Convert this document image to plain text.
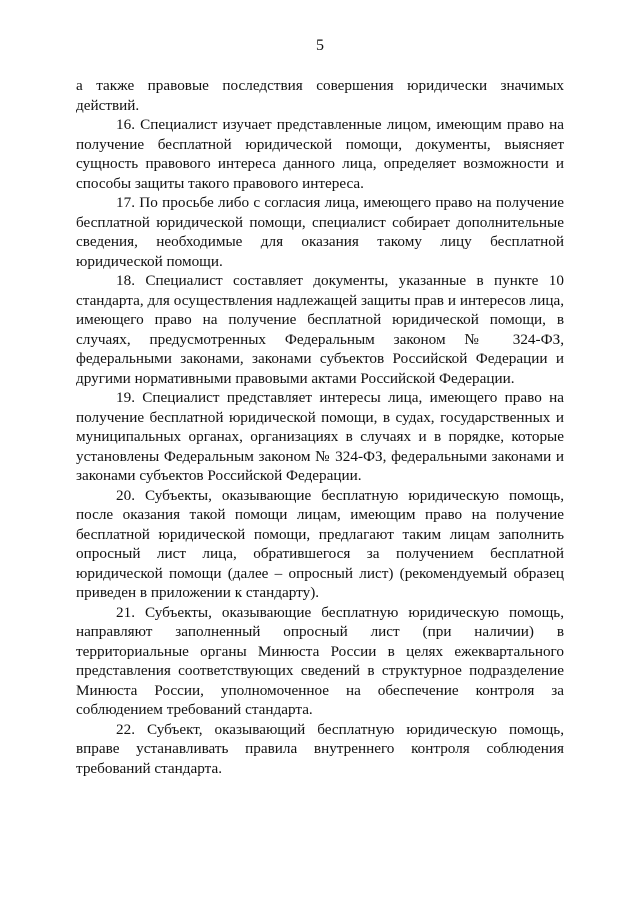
5

а также правовые последствия совершения юридически значимых действий.

16. Специалист изучает представленные лицом, имеющим право на получение бесплатной юридической помощи, документы, выясняет сущность правового интереса данного лица, определяет возможности и способы защиты такого правового интереса.

17. По просьбе либо с согласия лица, имеющего право на получение бесплатной юридической помощи, специалист собирает дополнительные сведения, необходимые для оказания такому лицу бесплатной юридической помощи.

18. Специалист составляет документы, указанные в пункте 10 стандарта, для осуществления надлежащей защиты прав и интересов лица, имеющего право на получение бесплатной юридической помощи, в случаях, предусмотренных Федеральным законом № 324-ФЗ, федеральными законами, законами субъектов Российской Федерации и другими нормативными правовыми актами Российской Федерации.

19. Специалист представляет интересы лица, имеющего право на получение бесплатной юридической помощи, в судах, государственных и муниципальных органах, организациях в случаях и в порядке, которые установлены Федеральным законом № 324-ФЗ, федеральными законами и законами субъектов Российской Федерации.

20. Субъекты, оказывающие бесплатную юридическую помощь, после оказания такой помощи лицам, имеющим право на получение бесплатной юридической помощи, предлагают таким лицам заполнить опросный лист лица, обратившегося за получением бесплатной юридической помощи (далее – опросный лист) (рекомендуемый образец приведен в приложении к стандарту).

21. Субъекты, оказывающие бесплатную юридическую помощь, направляют заполненный опросный лист (при наличии) в территориальные органы Минюста России в целях ежеквартального представления соответствующих сведений в структурное подразделение Минюста России, уполномоченное на обеспечение контроля за соблюдением требований стандарта.

22. Субъект, оказывающий бесплатную юридическую помощь, вправе устанавливать правила внутреннего контроля соблюдения требований стандарта.
